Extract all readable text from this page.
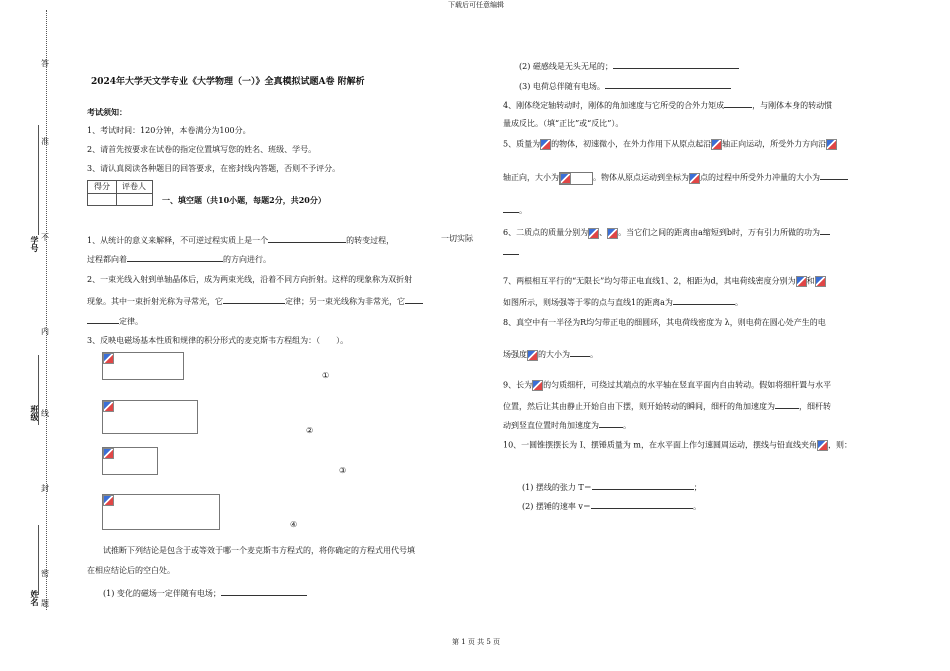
下载后可任意编辑
第 1 页 共 5 页
答
准
不
内
线
封
密
题
学号
班级
姓名
2024年大学天文学专业《大学物理（一）》全真模拟试题A卷 附解析
考试须知：
1、考试时间：120分钟，本卷满分为100分。
2、请首先按要求在试卷的指定位置填写您的姓名、班级、学号。
3、请认真阅读各种题目的回答要求，在密封线内答题，否则不予评分。
得分	评卷人
一、填空题（共10小题，每题2分，共20分）
1、从统计的意义来解释，不可逆过程实质上是一个	的转变过程，	一切实际
过程都向着	的方向进行。
2、一束光线入射到单轴晶体后，成为两束光线，沿着不同方向折射。这样的现象称为双折射
现象。其中一束折射光称为寻常光，它	定律；另一束光线称为非常光，它
定律。
3、反映电磁场基本性质和规律的积分形式的麦克斯韦方程组为：（　　）。
①
②
③
④
试推断下列结论是包含于或等效于哪一个麦克斯韦方程式的，将你确定的方程式用代号填
在相应结论后的空白处。
(1) 变化的磁场一定伴随有电场；
(2) 磁感线是无头无尾的；
(3) 电荷总伴随有电场。
4、刚体绕定轴转动时，刚体的角加速度与它所受的合外力矩成	，与刚体本身的转动惯
量成反比。（填“正比”或“反比”）。
5、质量为 的物体，初速微小，在外力作用下从原点起沿 轴正向运动，所受外力方向沿
轴正向，大小为	。物体从原点运动到坐标为 点的过程中所受外力冲量的大小为
。
6、二质点的质量分别为 、 。当它们之间的距离由a缩短到b时，万有引力所做的功为
7、两根相互平行的“无限长”均匀带正电直线1、2，相距为d，其电荷线密度分别为 和
如图所示，则场强等于零的点与直线1的距离a为	。
8、真空中有一半径为R均匀带正电的细圆环，其电荷线密度为 λ，则电荷在圆心处产生的电
场强度 的大小为	。
9、长为 的匀质细杆，可绕过其端点的水平轴在竖直平面内自由转动。假如将细杆置与水平
位置，然后让其由静止开始自由下摆，则开始转动的瞬间，细杆的角加速度为	，细杆转
动到竖直位置时角加速度为	。
10、一圆锥摆摆长为 I、摆锤质量为 m，在水平面上作匀速圆周运动，摆线与铅直线夹角 ，则：
(1) 摆线的张力 T＝	；
(2) 摆锤的速率 v＝	。
